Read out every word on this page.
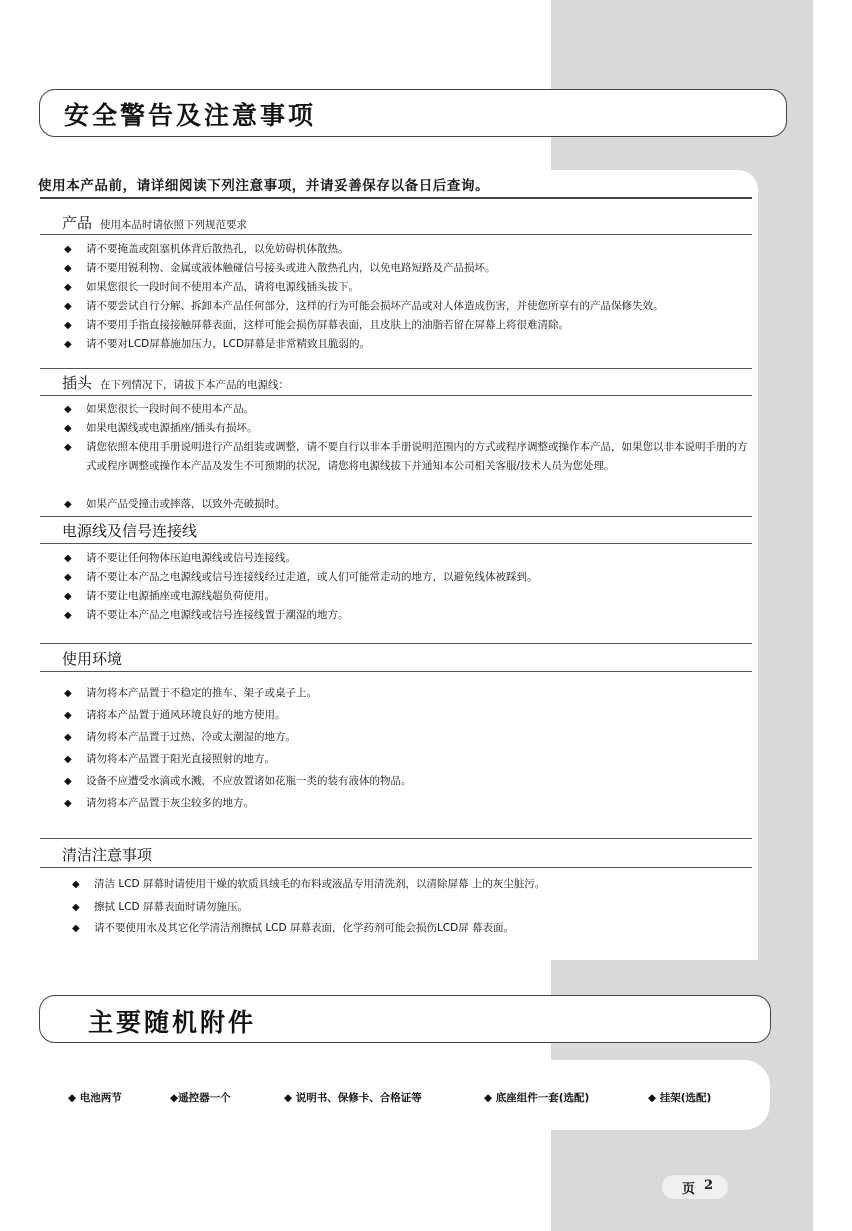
安全警告及注意事项
使用本产品前，请详细阅读下列注意事项，并请妥善保存以备日后查询。
产品 使用本品时请依照下列规范要求
◆	请不要掩盖或阻塞机体背后散热孔，以免妨碍机体散热。
◆	请不要用锐利物、金属或液体触碰信号接头或进入散热孔内，以免电路短路及产品损坏。
◆	如果您很长一段时间不使用本产品，请将电源线插头拔下。
◆	请不要尝试自行分解、拆卸本产品任何部分，这样的行为可能会损坏产品或对人体造成伤害，并使您所享有的产品保修失效。
◆	请不要用手指直接接触屏幕表面，这样可能会损伤屏幕表面，且皮肤上的油脂若留在屏幕上将很难清除。
◆	请不要对LCD屏幕施加压力，LCD屏幕是非常精致且脆弱的。
插头 在下列情况下，请拔下本产品的电源线：
◆	如果您很长一段时间不使用本产品。
◆	如果电源线或电源插座/插头有损坏。
◆	请您依照本使用手册说明进行产品组装或调整，请不要自行以非本手册说明范围内的方式或程序调整或操作本产品，如果您以非本说明手册的方式或程序调整或操作本产品及发生不可预期的状况，请您将电源线拔下并通知本公司相关客服/技术人员为您处理。
◆	如果产品受撞击或摔落，以致外壳破损时。
电源线及信号连接线
◆	请不要让任何物体压迫电源线或信号连接线。
◆	请不要让本产品之电源线或信号连接线经过走道，或人们可能常走动的地方，以避免线体被踩到。
◆	请不要让电源插座或电源线超负荷使用。
◆	请不要让本产品之电源线或信号连接线置于潮湿的地方。
使用环境
◆	请勿将本产品置于不稳定的推车、架子或桌子上。
◆	请将本产品置于通风环境良好的地方使用。
◆	请勿将本产品置于过热、冷或太潮湿的地方。
◆	请勿将本产品置于阳光直接照射的地方。
◆	设备不应遭受水滴或水溅，不应放置诸如花瓶一类的装有液体的物品。
◆	请勿将本产品置于灰尘较多的地方。
清洁注意事项
◆	清洁 LCD 屏幕时请使用干燥的软质具绒毛的布料或液晶专用清洗剂，以清除屏幕 上的灰尘脏污。
◆	擦拭 LCD 屏幕表面时请勿施压。
◆	请不要使用水及其它化学清洁剂擦拭 LCD 屏幕表面，化学药剂可能会损伤LCD屏 幕表面。
主要随机附件
◆ 电池两节	◆遥控器一个	◆ 说明书、保修卡、合格证等	◆ 底座组件一套(选配)	◆ 挂架(选配)
页 2
